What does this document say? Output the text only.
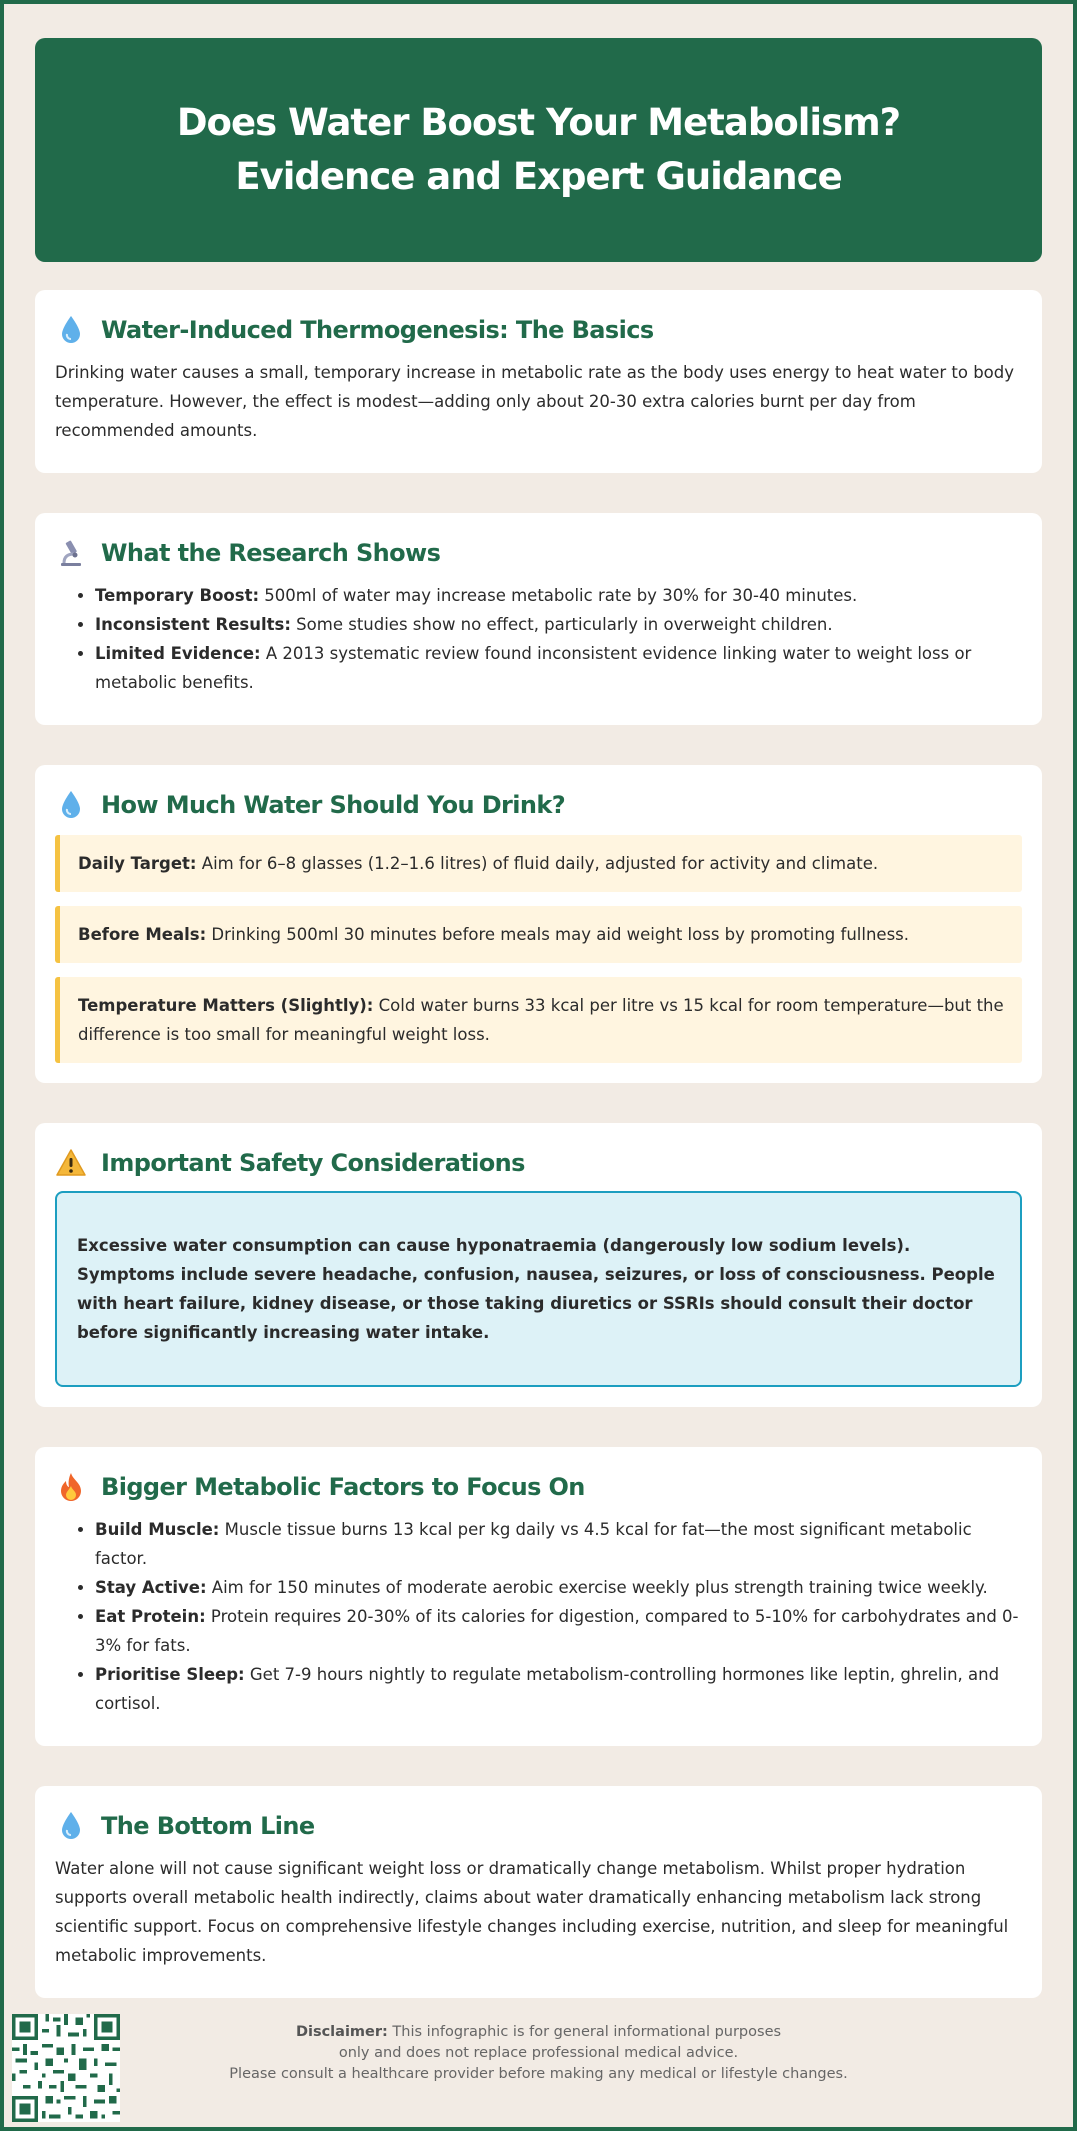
Does Water Boost Your Metabolism? Evidence and Expert Guidance
Water-Induced Thermogenesis: The Basics

Drinking water causes a small, temporary increase in metabolic rate as the body uses energy to heat water to body temperature. However, the effect is modest—adding only about 20-30 extra calories burnt per day from recommended amounts.

What the Research Shows
• Temporary Boost: 500ml of water may increase metabolic rate by 30% for 30-40 minutes.
• Inconsistent Results: Some studies show no effect, particularly in overweight children.
• Limited Evidence: A 2013 systematic review found inconsistent evidence linking water to weight loss or metabolic benefits.
How Much Water Should You Drink?
Daily Target: Aim for 6–8 glasses (1.2–1.6 litres) of fluid daily, adjusted for activity and climate.
Before Meals: Drinking 500ml 30 minutes before meals may aid weight loss by promoting fullness.
Temperature Matters (Slightly): Cold water burns 33 kcal per litre vs 15 kcal for room temperature—but the difference is too small for meaningful weight loss.
Important Safety Considerations
Excessive water consumption can cause hyponatraemia (dangerously low sodium levels). Symptoms include severe headache, confusion, nausea, seizures, or loss of consciousness. People with heart failure, kidney disease, or those taking diuretics or SSRIs should consult their doctor before significantly increasing water intake.
Bigger Metabolic Factors to Focus On
• Build Muscle: Muscle tissue burns 13 kcal per kg daily vs 4.5 kcal for fat—the most significant metabolic factor.
• Stay Active: Aim for 150 minutes of moderate aerobic exercise weekly plus strength training twice weekly.
• Eat Protein: Protein requires 20-30% of its calories for digestion, compared to 5-10% for carbohydrates and 0-3% for fats.
• Prioritise Sleep: Get 7-9 hours nightly to regulate metabolism-controlling hormones like leptin, ghrelin, and cortisol.
The Bottom Line

Water alone will not cause significant weight loss or dramatically change metabolism. Whilst proper hydration supports overall metabolic health indirectly, claims about water dramatically enhancing metabolism lack strong scientific support. Focus on comprehensive lifestyle changes including exercise, nutrition, and sleep for meaningful metabolic improvements.

Disclaimer: This infographic is for general informational purposes
only and does not replace professional medical advice.
Please consult a healthcare provider before making any medical or lifestyle changes.
